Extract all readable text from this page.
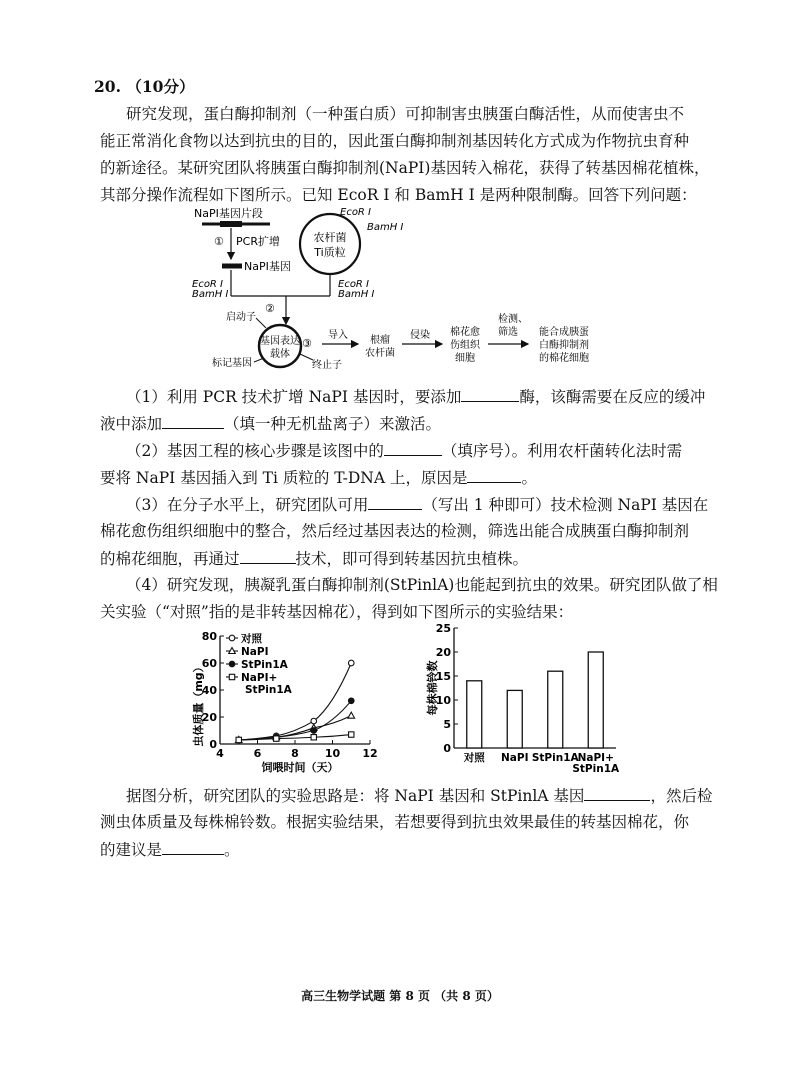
20. （10分）
研究发现，蛋白酶抑制剂（一种蛋白质）可抑制害虫胰蛋白酶活性，从而使害虫不
能正常消化食物以达到抗虫的目的，因此蛋白酶抑制剂基因转化方式成为作物抗虫育种
的新途径。某研究团队将胰蛋白酶抑制剂(NaPI)基因转入棉花，获得了转基因棉花植株，
其部分操作流程如下图所示。已知 EcoR Ⅰ 和 BamH Ⅰ 是两种限制酶。回答下列问题：
NaPI基因片段
① PCR扩增
NaPI基因
EcoR Ⅰ
BamH Ⅰ
农杆菌
Ti质粒
EcoR Ⅰ
BamH Ⅰ
EcoR Ⅰ
BamH Ⅰ
②
基因表达
载体
启动子
标记基因	终止子
③
导入 根瘤
农杆菌
侵染 棉花愈
伤组织
细胞
检测、
筛选 能合成胰蛋
白酶抑制剂
的棉花细胞
（1）利用 PCR 技术扩增 NaPI 基因时，要添加	酶，该酶需要在反应的缓冲
液中添加	（填一种无机盐离子）来激活。
（2）基因工程的核心步骤是该图中的	（填序号）。利用农杆菌转化法时需
要将 NaPI 基因插入到 Ti 质粒的 T-DNA 上，原因是	。
（3）在分子水平上，研究团队可用	（写出 1 种即可）技术检测 NaPI 基因在
棉花愈伤组织细胞中的整合，然后经过基因表达的检测，筛选出能合成胰蛋白酶抑制剂
的棉花细胞，再通过	技术，即可得到转基因抗虫植株。
（4）研究发现，胰凝乳蛋白酶抑制剂(StPinlA)也能起到抗虫的效果。研究团队做了相
关实验（“对照”指的是非转基因棉花），得到如下图所示的实验结果：
0
20
40
60
80
4	6	8 10 12
对照
NaPI
StPin1A
NaPI+
StPin1A
虫体质量（mg）
饲喂时间（天）
0
5
10
15
20
25
对照 NaPI StPin1A
NaPI+
StPin1A
每株棉铃数
据图分析，研究团队的实验思路是：将 NaPI 基因和 StPinlA 基因	，然后检
测虫体质量及每株棉铃数。根据实验结果，若想要得到抗虫效果最佳的转基因棉花，你
的建议是	。
高三生物学试题 第 8 页 （共 8 页）
